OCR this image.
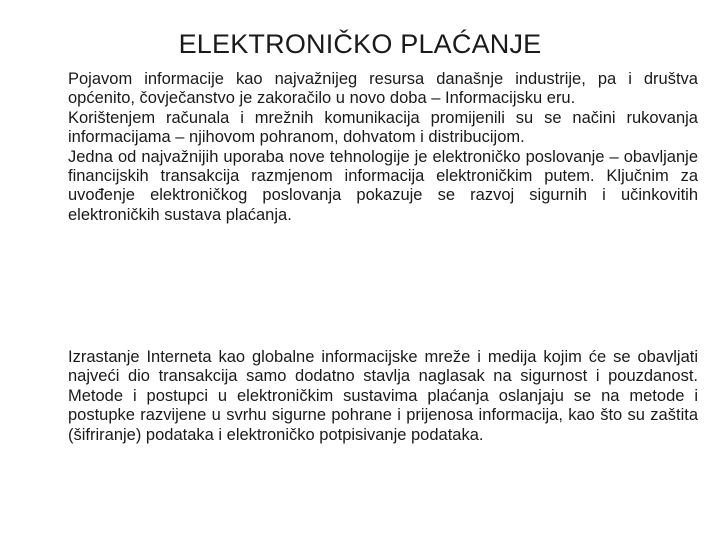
ELEKTRONIČKO PLAĆANJE

Pojavom informacije kao najvažnijeg resursa današnje industrije, pa i društva općenito, čovječanstvo je zakoračilo u novo doba – Informacijsku eru.

Korištenjem računala i mrežnih komunikacija promijenili su se načini rukovanja informacijama – njihovom pohranom, dohvatom i distribucijom.

Jedna od najvažnijih uporaba nove tehnologije je elektroničko poslovanje – obavljanje financijskih transakcija razmjenom informacija elektroničkim putem. Ključnim za uvođenje elektroničkog poslovanja pokazuje se razvoj sigurnih i učinkovitih elektroničkih sustava plaćanja.

Izrastanje Interneta kao globalne informacijske mreže i medija kojim će se obavljati najveći dio transakcija samo dodatno stavlja naglasak na sigurnost i pouzdanost. Metode i postupci u elektroničkim sustavima plaćanja oslanjaju se na metode i postupke razvijene u svrhu sigurne pohrane i prijenosa informacija, kao što su zaštita (šifriranje) podataka i elektroničko potpisivanje podataka.
